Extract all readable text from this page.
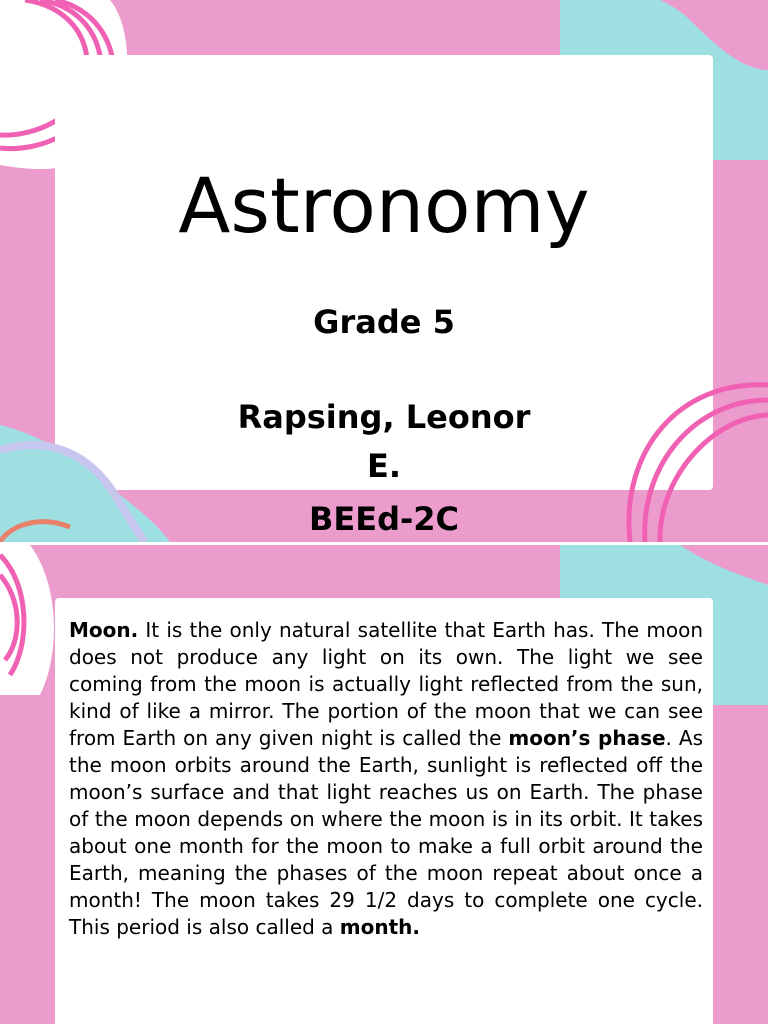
Astronomy
Grade 5
Rapsing, Leonor
E.
BEEd-2C
Moon. It is the only natural satellite that Earth has. The moon does not produce any light on its own. The light we see coming from the moon is actually light reflected from the sun, kind of like a mirror. The portion of the moon that we can see from Earth on any given night is called the moon’s phase. As the moon orbits around the Earth, sunlight is reflected off the moon’s surface and that light reaches us on Earth. The phase of the moon depends on where the moon is in its orbit. It takes about one month for the moon to make a full orbit around the Earth, meaning the phases of the moon repeat about once a month! The moon takes 29 1/2 days to complete one cycle. This period is also called a month.
